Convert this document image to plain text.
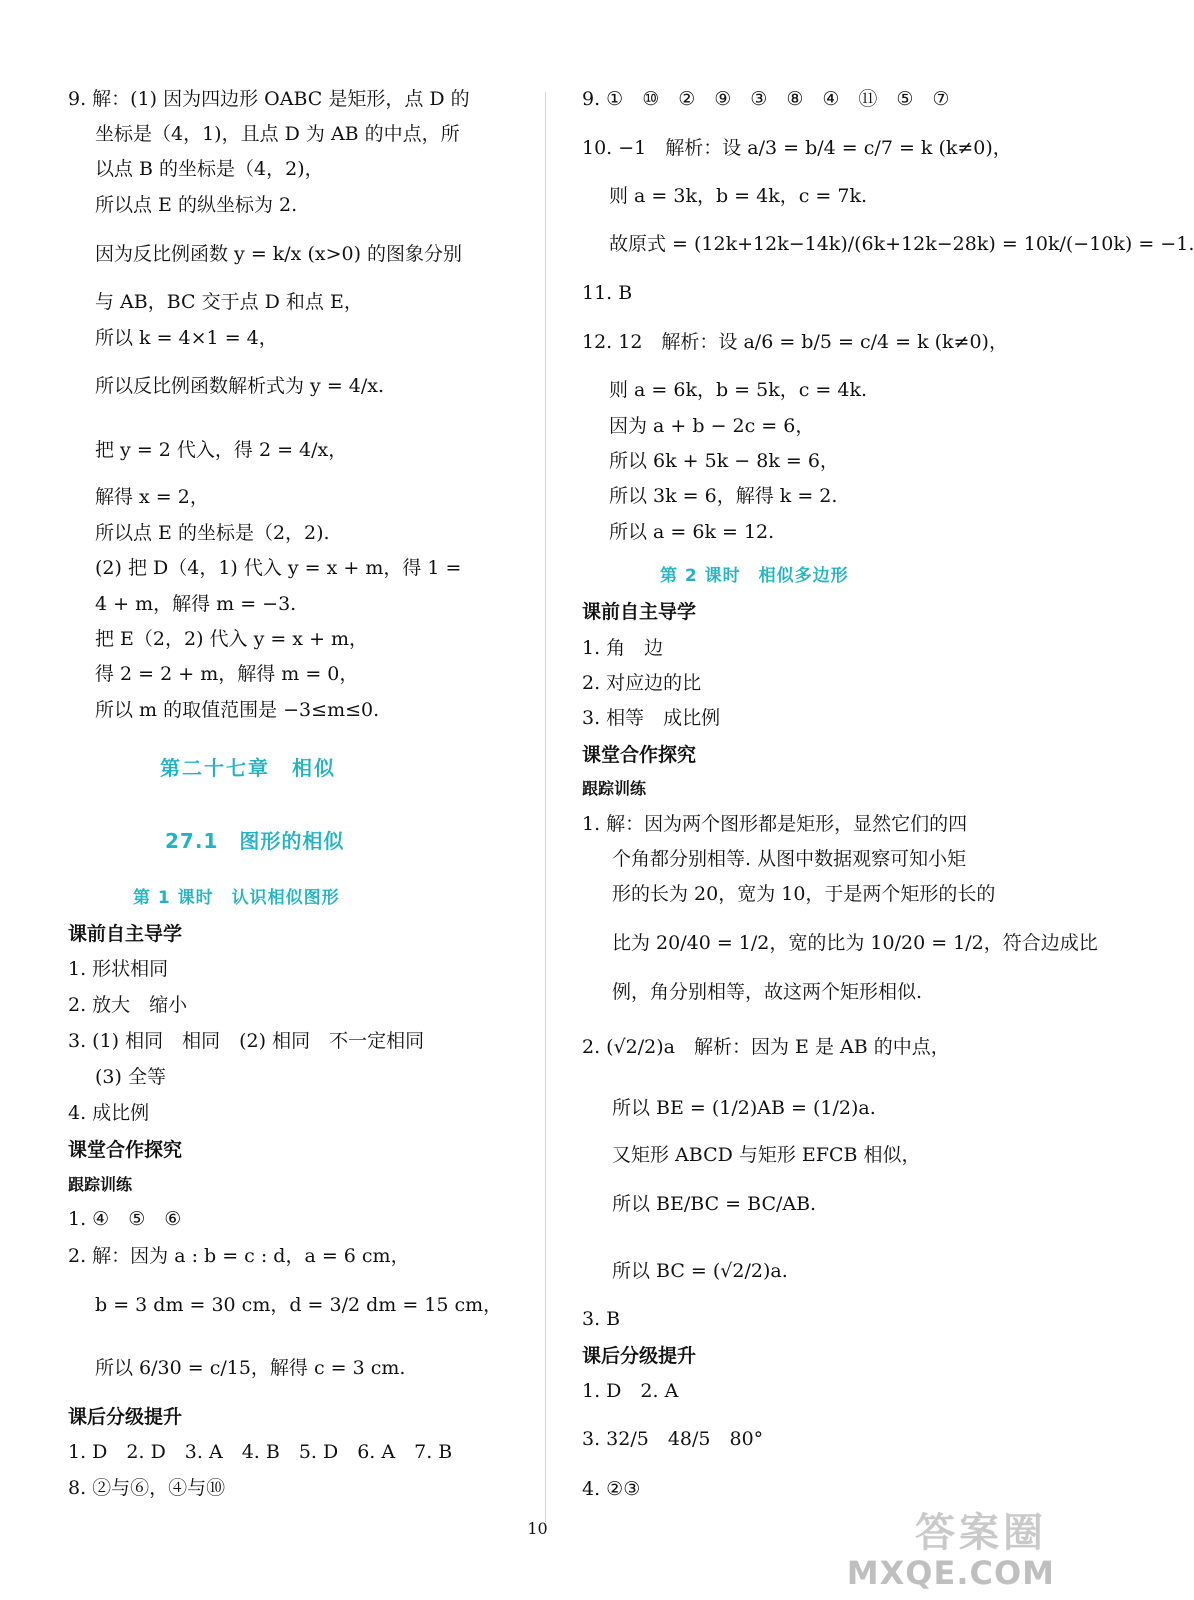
9. 解：(1) 因为四边形 OABC 是矩形，点 D 的
坐标是（4，1)，且点 D 为 AB 的中点，所
以点 B 的坐标是（4，2)，
所以点 E 的纵坐标为 2.
因为反比例函数 y = k/x (x>0) 的图象分别
与 AB，BC 交于点 D 和点 E，
所以 k = 4×1 = 4，
所以反比例函数解析式为 y = 4/x.
把 y = 2 代入，得 2 = 4/x，
解得 x = 2，
所以点 E 的坐标是（2，2).
(2) 把 D（4，1) 代入 y = x + m，得 1 =
4 + m，解得 m = −3.
把 E（2，2) 代入 y = x + m，
得 2 = 2 + m，解得 m = 0，
所以 m 的取值范围是 −3≤m≤0.
课前自主导学
1. 形状相同
2. 放大　缩小
3. (1) 相同　相同　(2) 相同　不一定相同
(3) 全等
4. 成比例
课堂合作探究
跟踪训练
1. ④　⑤　⑥
2. 解：因为 a : b = c : d，a = 6 cm，
b = 3 dm = 30 cm，d = 3/2 dm = 15 cm，
所以 6/30 = c/15，解得 c = 3 cm.
课后分级提升
1. D　2. D　3. A　4. B　5. D　6. A　7. B
8. ②与⑥，④与⑩
9. ①　⑩　②　⑨　③　⑧　④　⑪　⑤　⑦
10. −1　解析：设 a/3 = b/4 = c/7 = k (k≠0)，
则 a = 3k，b = 4k，c = 7k.
故原式 = (12k+12k−14k)/(6k+12k−28k) = 10k/(−10k) = −1.
11. B
12. 12　解析：设 a/6 = b/5 = c/4 = k (k≠0)，
则 a = 6k，b = 5k，c = 4k.
因为 a + b − 2c = 6，
所以 6k + 5k − 8k = 6，
所以 3k = 6，解得 k = 2.
所以 a = 6k = 12.
课前自主导学
1. 角　边
2. 对应边的比
3. 相等　成比例
课堂合作探究
跟踪训练
1. 解：因为两个图形都是矩形，显然它们的四
个角都分别相等. 从图中数据观察可知小矩
形的长为 20，宽为 10，于是两个矩形的长的
比为 20/40 = 1/2，宽的比为 10/20 = 1/2，符合边成比
例，角分别相等，故这两个矩形相似.
2. (√2/2)a　解析：因为 E 是 AB 的中点，
所以 BE = (1/2)AB = (1/2)a.
又矩形 ABCD 与矩形 EFCB 相似，
所以 BE/BC = BC/AB.
所以 BC = (√2/2)a.
3. B
课后分级提升
1. D　2. A
3. 32/5　48/5　80°
4. ②③
第二十七章　相似
27.1　图形的相似
第 1 课时　认识相似图形
第 2 课时　相似多边形
10	答案圈
MXQE.COM
